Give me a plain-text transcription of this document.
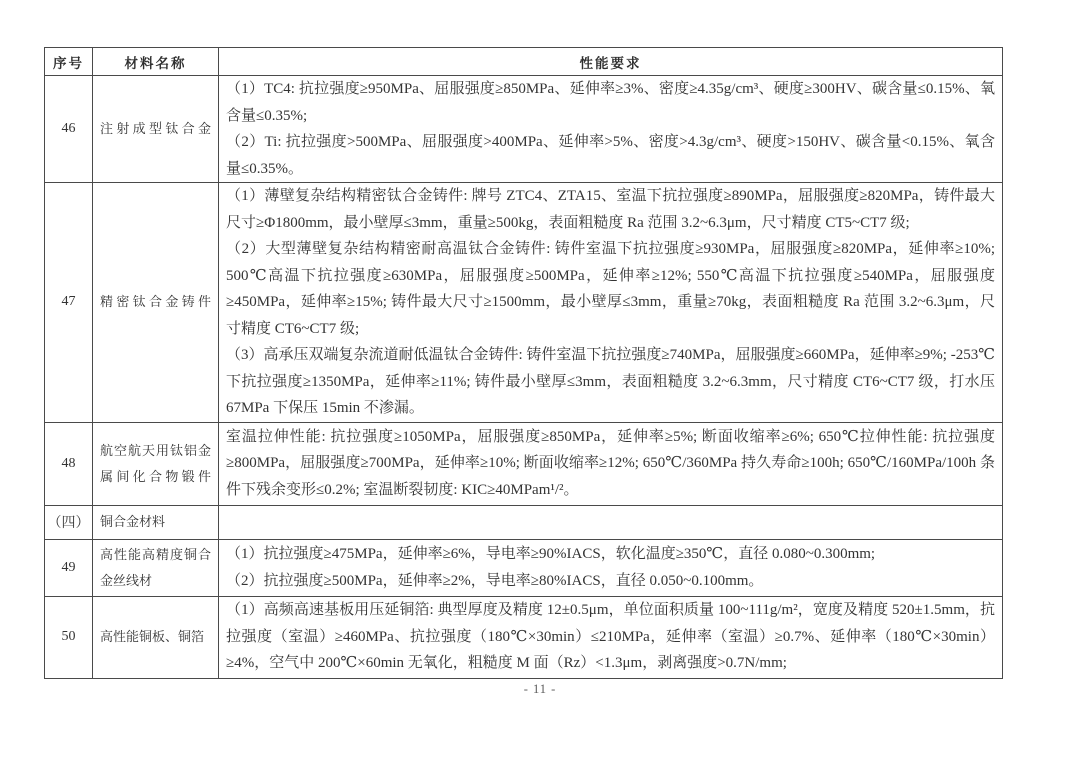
序号	材料名称	性能要求
46	注射成型钛合金	（1）TC4: 抗拉强度≥950MPa、屈服强度≥850MPa、延伸率≥3%、密度≥4.35g/cm³、硬度≥300HV、碳含量≤0.15%、氧含量≤0.35%;

（2）Ti: 抗拉强度>500MPa、屈服强度>400MPa、延伸率>5%、密度>4.3g/cm³、硬度>150HV、碳含量<0.15%、氧含量≤0.35%。

47	精密钛合金铸件	（1）薄壁复杂结构精密钛合金铸件: 牌号 ZTC4、ZTA15、室温下抗拉强度≥890MPa，屈服强度≥820MPa，铸件最大尺寸≥Φ1800mm，最小壁厚≤3mm，重量≥500kg，表面粗糙度 Ra 范围 3.2~6.3μm，尺寸精度 CT5~CT7 级;

（2）大型薄壁复杂结构精密耐高温钛合金铸件: 铸件室温下抗拉强度≥930MPa，屈服强度≥820MPa，延伸率≥10%; 500℃高温下抗拉强度≥630MPa，屈服强度≥500MPa，延伸率≥12%; 550℃高温下抗拉强度≥540MPa，屈服强度≥450MPa，延伸率≥15%; 铸件最大尺寸≥1500mm，最小壁厚≤3mm，重量≥70kg，表面粗糙度 Ra 范围 3.2~6.3μm，尺寸精度 CT6~CT7 级;

（3）高承压双端复杂流道耐低温钛合金铸件: 铸件室温下抗拉强度≥740MPa，屈服强度≥660MPa，延伸率≥9%; -253℃下抗拉强度≥1350MPa，延伸率≥11%; 铸件最小壁厚≤3mm，表面粗糙度 3.2~6.3mm，尺寸精度 CT6~CT7 级，打水压 67MPa 下保压 15min 不渗漏。

48	航空航天用钛铝金属间化合物锻件	室温拉伸性能: 抗拉强度≥1050MPa，屈服强度≥850MPa，延伸率≥5%; 断面收缩率≥6%; 650℃拉伸性能: 抗拉强度≥800MPa，屈服强度≥700MPa，延伸率≥10%; 断面收缩率≥12%; 650℃/360MPa 持久寿命≥100h; 650℃/160MPa/100h 条件下残余变形≤0.2%; 室温断裂韧度: KIC≥40MPam¹/²。

（四）	铜合金材料	
49	高性能高精度铜合金丝线材	（1）抗拉强度≥475MPa，延伸率≥6%，导电率≥90%IACS，软化温度≥350℃，直径 0.080~0.300mm;

（2）抗拉强度≥500MPa，延伸率≥2%，导电率≥80%IACS，直径 0.050~0.100mm。

50	高性能铜板、铜箔	（1）高频高速基板用压延铜箔: 典型厚度及精度 12±0.5μm，单位面积质量 100~111g/m²，宽度及精度 520±1.5mm，抗拉强度（室温）≥460MPa、抗拉强度（180℃×30min）≤210MPa，延伸率（室温）≥0.7%、延伸率（180℃×30min）≥4%，空气中 200℃×60min 无氧化，粗糙度 M 面（Rz）<1.3μm，剥离强度>0.7N/mm;

- 11 -
